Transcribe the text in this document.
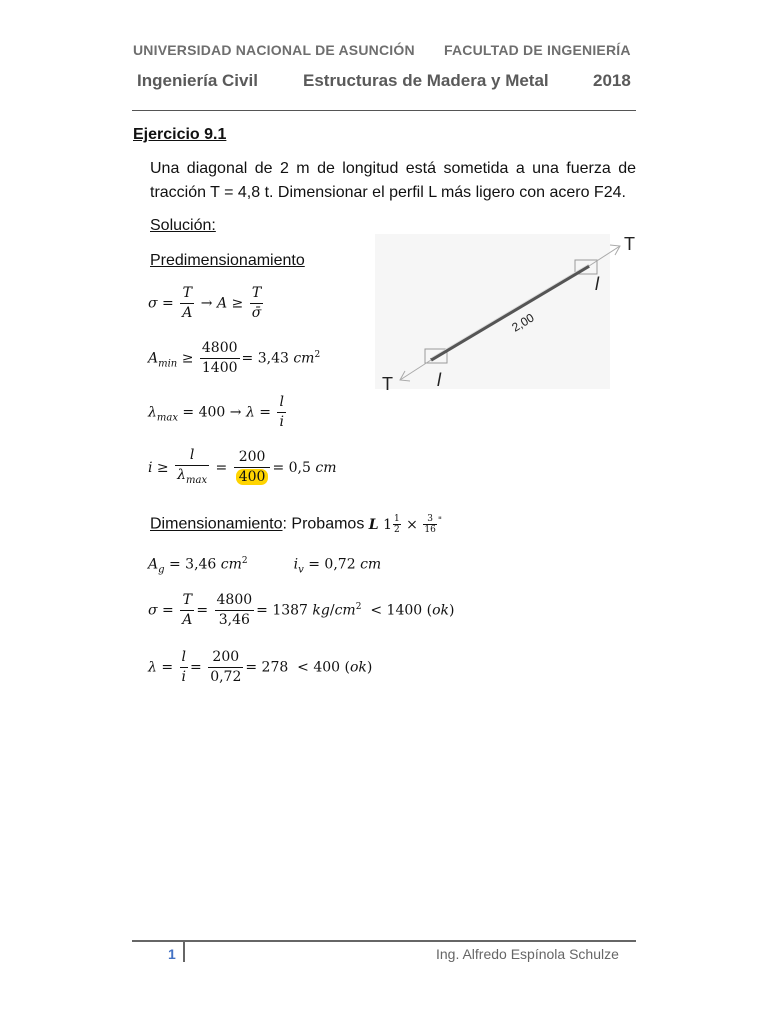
UNIVERSIDAD NACIONAL DE ASUNCIÓN FACULTAD DE INGENIERÍA
Ingeniería Civil	Estructuras de Madera y Metal	2018
Ejercicio 9.1
Una diagonal de 2 m de longitud está sometida a una fuerza de tracción T = 4,8 t. Dimensionar el perfil L más ligero con acero F24.
Solución:
Predimensionamiento
$\sigma = \frac{T}{A} \to A \ge \frac{T}{\sigmā}$
$A_{min} \ge \frac{4800}{1400} = 3,43$ $cm^2$
$\lambda_{max} = 400 \to \lambda = \frac{l}{i}$
$i \ge \frac{l}{\lambda_{max}} = \frac{200}{400} = 0,5$ cm
Dimensionamiento: Probamos L $1 \frac{1}{2} \times \frac{3}{16} ^"$
$A_g = 3,46$ $cm^2$	$i_v = 0,72$ cm
$\sigma = \frac{T}{A} = \frac{4800}{3,46} = 1387$ $kg/cm^2 < 1400$ (ok)
$\lambda = \frac{l}{i} = \frac{200}{0,72} = 278 < 400$ (ok)
T
T
l
l
2,00
1	Ing. Alfredo Espínola Schulze
